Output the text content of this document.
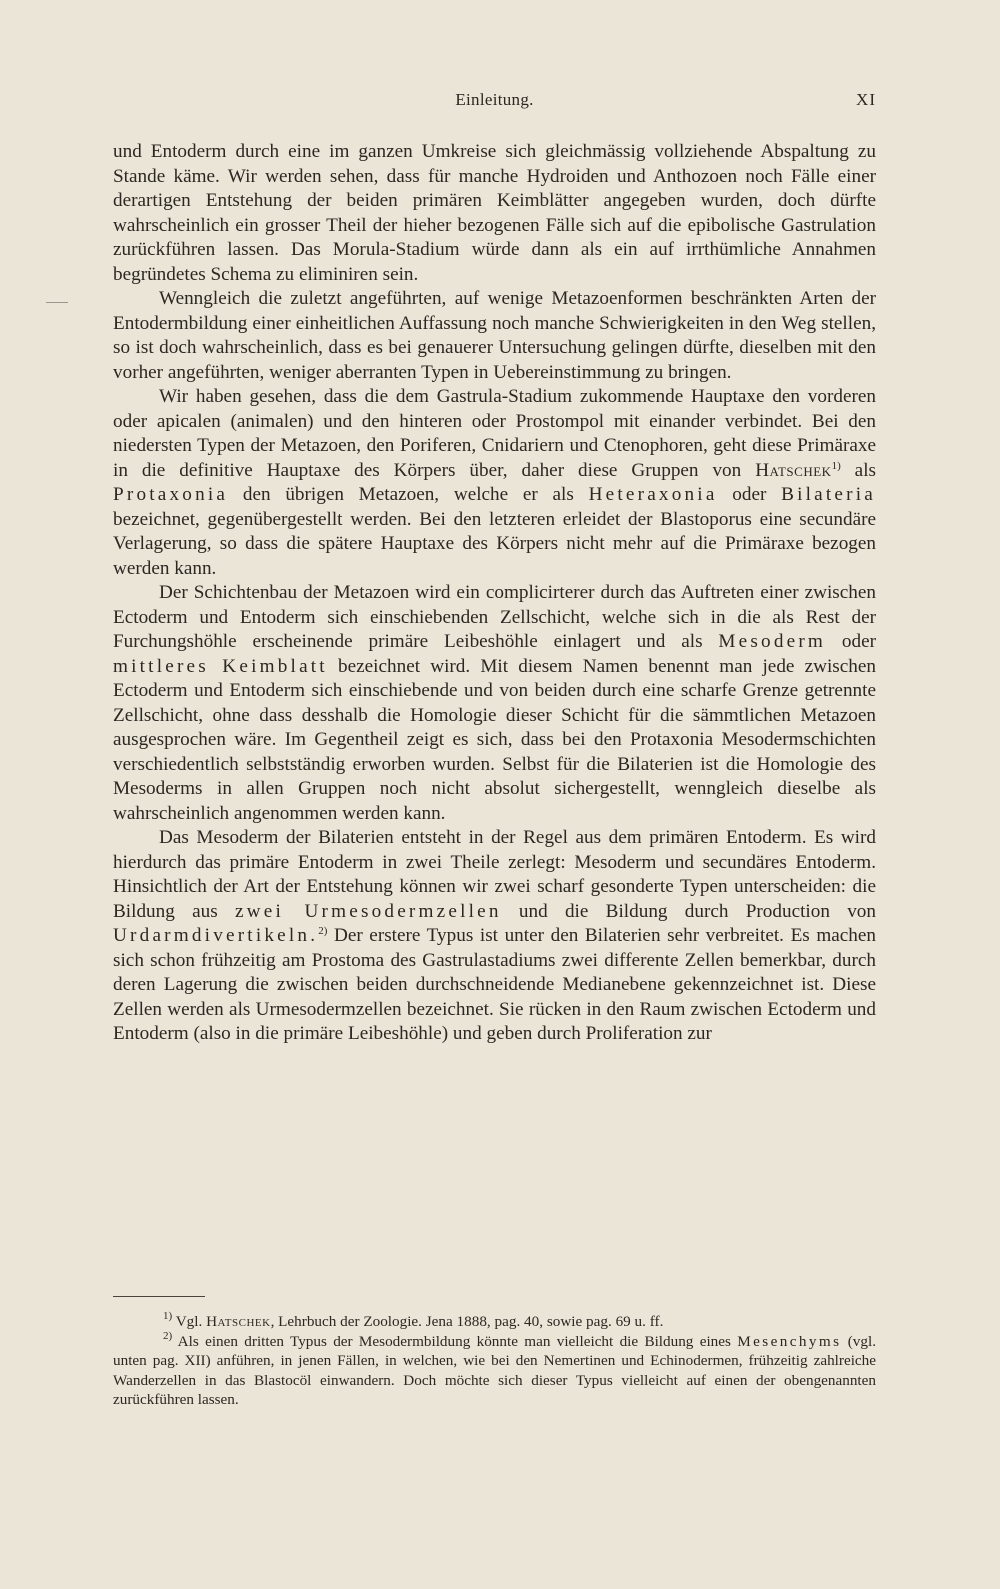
Einleitung.	XI

und Entoderm durch eine im ganzen Umkreise sich gleichmässig vollziehende Abspaltung zu Stande käme. Wir werden sehen, dass für manche Hydroiden und Anthozoen noch Fälle einer derartigen Entstehung der beiden primären Keimblätter angegeben wurden, doch dürfte wahrscheinlich ein grosser Theil der hieher bezogenen Fälle sich auf die epibolische Gastrulation zurückführen lassen. Das Morula-Stadium würde dann als ein auf irrthümliche Annahmen begründetes Schema zu eliminiren sein.

Wenngleich die zuletzt angeführten, auf wenige Metazoenformen beschränkten Arten der Entodermbildung einer einheitlichen Auffassung noch manche Schwierigkeiten in den Weg stellen, so ist doch wahrscheinlich, dass es bei genauerer Untersuchung gelingen dürfte, dieselben mit den vorher angeführten, weniger aberranten Typen in Uebereinstimmung zu bringen.

Wir haben gesehen, dass die dem Gastrula-Stadium zukommende Hauptaxe den vorderen oder apicalen (animalen) und den hinteren oder Prostompol mit einander verbindet. Bei den niedersten Typen der Metazoen, den Poriferen, Cnidariern und Ctenophoren, geht diese Primäraxe in die definitive Hauptaxe des Körpers über, daher diese Gruppen von Hatschek$^{1)}$ als Protaxonia den übrigen Metazoen, welche er als Heteraxonia oder Bilateria bezeichnet, gegenübergestellt werden. Bei den letzteren erleidet der Blastoporus eine secundäre Verlagerung, so dass die spätere Hauptaxe des Körpers nicht mehr auf die Primäraxe bezogen werden kann.

Der Schichtenbau der Metazoen wird ein complicirterer durch das Auftreten einer zwischen Ectoderm und Entoderm sich einschiebenden Zellschicht, welche sich in die als Rest der Furchungshöhle erscheinende primäre Leibeshöhle einlagert und als Mesoderm oder mittleres Keimblatt bezeichnet wird. Mit diesem Namen benennt man jede zwischen Ectoderm und Entoderm sich einschiebende und von beiden durch eine scharfe Grenze getrennte Zellschicht, ohne dass desshalb die Homologie dieser Schicht für die sämmtlichen Metazoen ausgesprochen wäre. Im Gegentheil zeigt es sich, dass bei den Protaxonia Mesodermschichten verschiedentlich selbstständig erworben wurden. Selbst für die Bilaterien ist die Homologie des Mesoderms in allen Gruppen noch nicht absolut sichergestellt, wenngleich dieselbe als wahrscheinlich angenommen werden kann.

Das Mesoderm der Bilaterien entsteht in der Regel aus dem primären Entoderm. Es wird hierdurch das primäre Entoderm in zwei Theile zerlegt: Mesoderm und secundäres Entoderm. Hinsichtlich der Art der Entstehung können wir zwei scharf gesonderte Typen unterscheiden: die Bildung aus zwei Urmesodermzellen und die Bildung durch Production von Urdarmdivertikeln.$^{2)}$ Der erstere Typus ist unter den Bilaterien sehr verbreitet. Es machen sich schon frühzeitig am Prostoma des Gastrulastadiums zwei differente Zellen bemerkbar, durch deren Lagerung die zwischen beiden durchschneidende Medianebene gekennzeichnet ist. Diese Zellen werden als Urmesodermzellen bezeichnet. Sie rücken in den Raum zwischen Ectoderm und Entoderm (also in die primäre Leibeshöhle) und geben durch Proliferation zur

$^{1)}$ Vgl. Hatschek, Lehrbuch der Zoologie. Jena 1888, pag. 40, sowie pag. 69 u. ff.

$^{2)}$ Als einen dritten Typus der Mesodermbildung könnte man vielleicht die Bildung eines Mesenchyms (vgl. unten pag. XII) anführen, in jenen Fällen, in welchen, wie bei den Nemertinen und Echinodermen, frühzeitig zahlreiche Wanderzellen in das Blastocöl einwandern. Doch möchte sich dieser Typus vielleicht auf einen der obengenannten zurückführen lassen.
